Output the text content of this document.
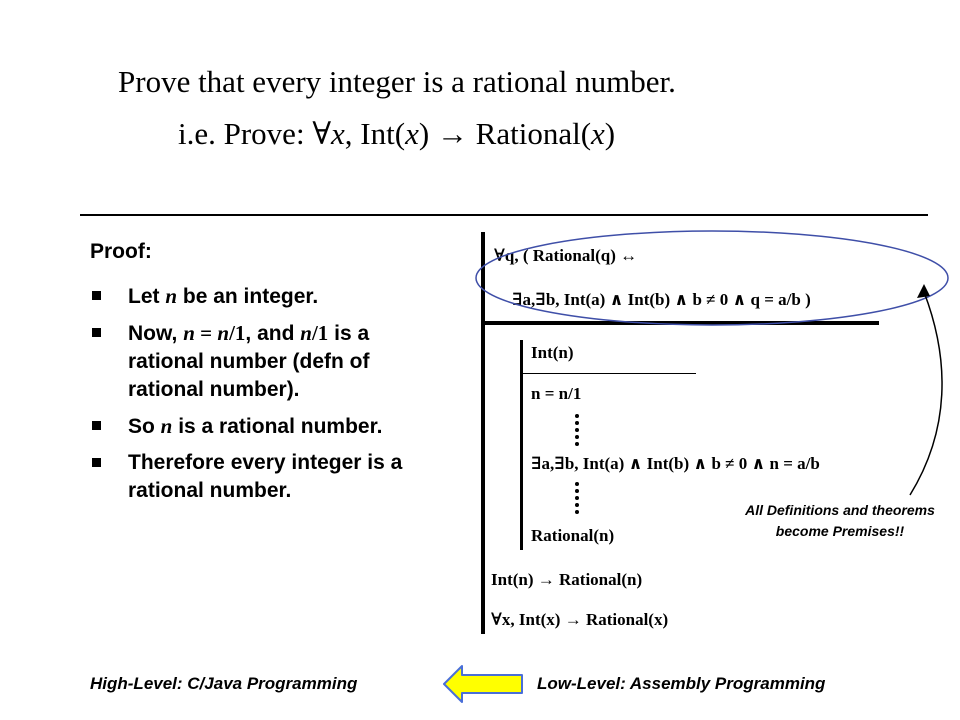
Prove that every integer is a rational number.
i.e. Prove: ∀x, Int(x) → Rational(x)
Proof:
Let n be an integer.
Now, n = n/1, and n/1 is a rational number (defn of rational number).
So n is a rational number.
Therefore every integer is a rational number.
∀q, ( Rational(q) ↔
∃a,∃b, Int(a) ∧ Int(b) ∧ b ≠ 0 ∧ q = a/b )
Int(n)
n = n/1
∃a,∃b, Int(a) ∧ Int(b) ∧ b ≠ 0 ∧ n = a/b
Rational(n)
Int(n) → Rational(n)
∀x, Int(x) → Rational(x)
All Definitions and theorems become Premises!!
High-Level: C/Java Programming	Low-Level: Assembly Programming
